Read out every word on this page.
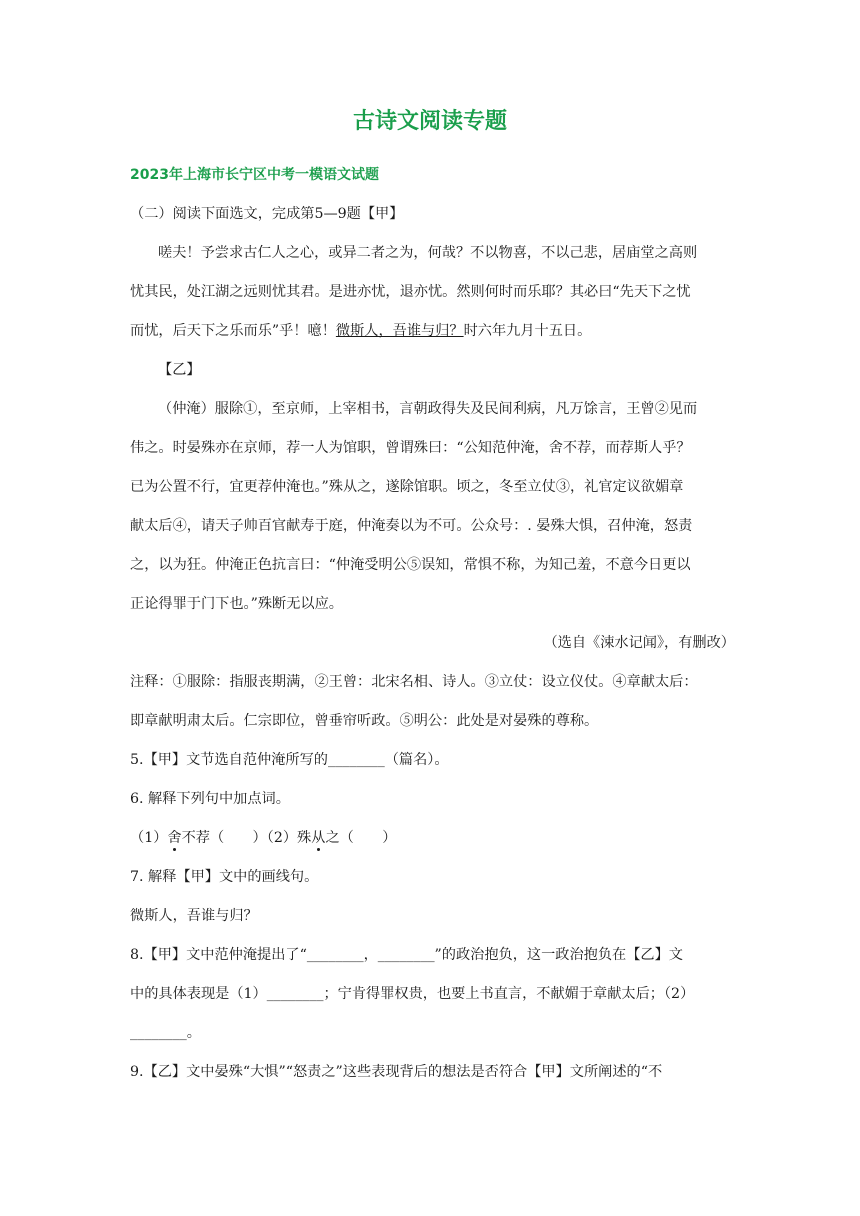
古诗文阅读专题
2023年上海市长宁区中考一模语文试题
（二）阅读下面选文，完成第5—9题【甲】
嗟夫！予尝求古仁人之心，或异二者之为，何哉？不以物喜，不以己悲，居庙堂之高则
忧其民，处江湖之远则忧其君。是进亦忧，退亦忧。然则何时而乐耶？其必曰“先天下之忧
而忧，后天下之乐而乐”乎！噫！微斯人，吾谁与归？时六年九月十五日。
【乙】
（仲淹）服除①，至京师，上宰相书，言朝政得失及民间利病，凡万馀言，王曾②见而
伟之。时晏殊亦在京师，荐一人为馆职，曾谓殊曰：“公知范仲淹，舍不荐，而荐斯人乎？
已为公置不行，宜更荐仲淹也。”殊从之，遂除馆职。顷之，冬至立仗③，礼官定议欲媚章
献太后④，请天子帅百官献寿于庭，仲淹奏以为不可。公众号：. 晏殊大惧，召仲淹，怒责
之，以为狂。仲淹正色抗言曰：“仲淹受明公⑤误知，常惧不称，为知己羞，不意今日更以
正论得罪于门下也。”殊断无以应。
（选自《涑水记闻》，有删改）
注释：①服除：指服丧期满，②王曾：北宋名相、诗人。③立仗：设立仪仗。④章献太后：
即章献明肃太后。仁宗即位，曾垂帘听政。⑤明公：此处是对晏殊的尊称。
5.【甲】文节选自范仲淹所写的________（篇名）。
6. 解释下列句中加点词。
（1）舍不荐（　　）（2）殊从之（　　）
7. 解释【甲】文中的画线句。
微斯人，吾谁与归？
8.【甲】文中范仲淹提出了“________，________”的政治抱负，这一政治抱负在【乙】文
中的具体表现是（1）________；宁肯得罪权贵，也要上书直言，不献媚于章献太后；（2）
________。
9.【乙】文中晏殊“大惧”“怒责之”这些表现背后的想法是否符合【甲】文所阐述的“不
